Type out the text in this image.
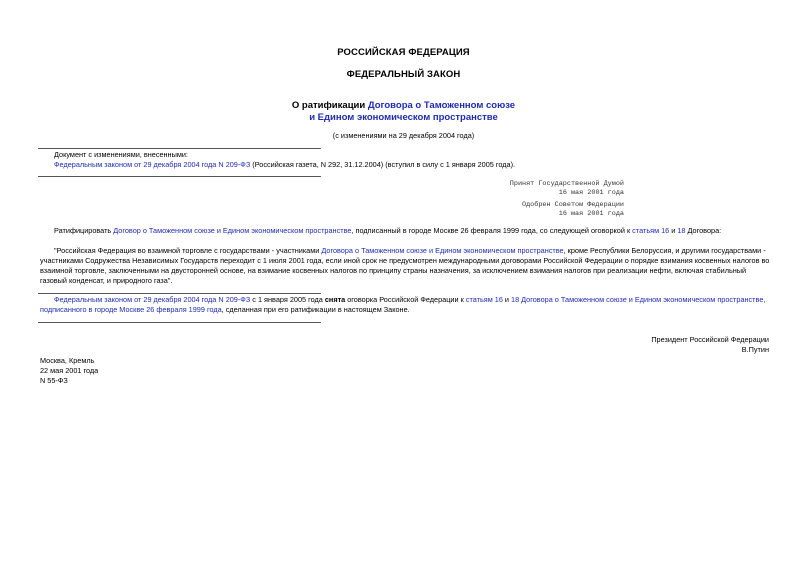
РОССИЙСКАЯ ФЕДЕРАЦИЯ
ФЕДЕРАЛЬНЫЙ ЗАКОН
О ратификации Договора о Таможенном союзе
и Едином экономическом пространстве
(с изменениями на 29 декабря 2004 года)
Документ с изменениями, внесенными:
Федеральным законом от 29 декабря 2004 года N 209-ФЗ (Российская газета, N 292, 31.12.2004) (вступил в силу с 1 января 2005 года).
Принят Государственной Думой
16 мая 2001 года
Одобрен Советом Федерации
16 мая 2001 года
Ратифицировать Договор о Таможенном союзе и Едином экономическом пространстве, подписанный в городе Москве 26 февраля 1999 года, со следующей оговоркой к статьям 16 и 18 Договора:
"Российская Федерация во взаимной торговле с государствами - участниками Договора о Таможенном союзе и Едином экономическом пространстве, кроме Республики Белоруссия, и другими государствами - участниками Содружества Независимых Государств переходит с 1 июля 2001 года, если иной срок не предусмотрен международными договорами Российской Федерации о порядке взимания косвенных налогов во взаимной торговле, заключенными на двусторонней основе, на взимание косвенных налогов по принципу страны назначения, за исключением взимания налогов при реализации нефти, включая стабильный газовый конденсат, и природного газа".
Федеральным законом от 29 декабря 2004 года N 209-ФЗ с 1 января 2005 года снята оговорка Российской Федерации к статьям 16 и 18 Договора о Таможенном союзе и Едином экономическом пространстве, подписанного в городе Москве 26 февраля 1999 года, сделанная при его ратификации в настоящем Законе.
Президент Российской Федерации
В.Путин
Москва, Кремль
22 мая 2001 года
N 55-ФЗ
